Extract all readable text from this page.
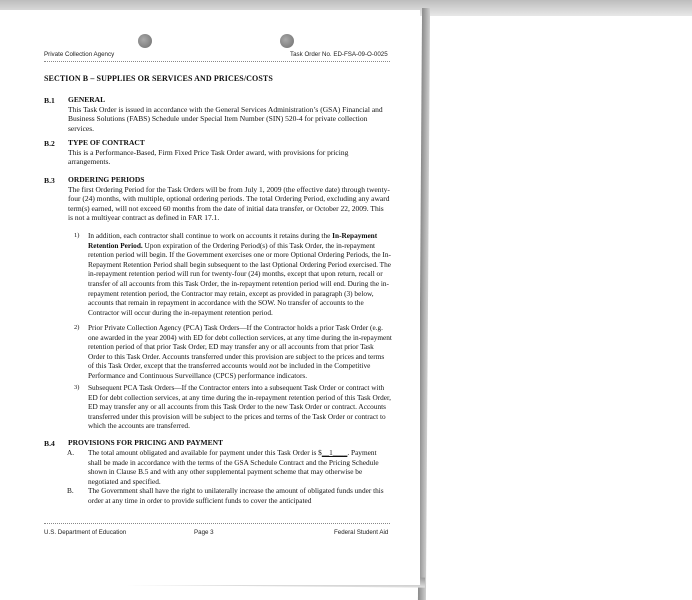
Private Collection Agency	Task Order No. ED-FSA-09-O-0025
SECTION B – SUPPLIES OR SERVICES AND PRICES/COSTS
B.1 GENERAL
This Task Order is issued in accordance with the General Services Administration’s (GSA) Financial and Business Solutions (FABS) Schedule under Special Item Number (SIN) 520-4 for private collection services.
B.2 TYPE OF CONTRACT
This is a Performance-Based, Firm Fixed Price Task Order award, with provisions for pricing arrangements.
B.3 ORDERING PERIODS
The first Ordering Period for the Task Orders will be from July 1, 2009 (the effective date) through twenty-four (24) months, with multiple, optional ordering periods. The total Ordering Period, excluding any award term(s) earned, will not exceed 60 months from the date of initial data transfer, or October 22, 2009. This is not a multiyear contract as defined in FAR 17.1.
1) In addition, each contractor shall continue to work on accounts it retains during the In-Repayment Retention Period. Upon expiration of the Ordering Period(s) of this Task Order, the in-repayment retention period will begin. If the Government exercises one or more Optional Ordering Periods, the In-Repayment Retention Period shall begin subsequent to the last Optional Ordering Period exercised. The in-repayment retention period will run for twenty-four (24) months, except that upon return, recall or transfer of all accounts from this Task Order, the in-repayment retention period will end. During the in-repayment retention period, the Contractor may retain, except as provided in paragraph (3) below, accounts that remain in repayment in accordance with the SOW. No transfer of accounts to the Contractor will occur during the in-repayment retention period.
2) Prior Private Collection Agency (PCA) Task Orders—If the Contractor holds a prior Task Order (e.g. one awarded in the year 2004) with ED for debt collection services, at any time during the in-repayment retention period of that prior Task Order, ED may transfer any or all accounts from that prior Task Order to this Task Order. Accounts transferred under this provision are subject to the prices and terms of this Task Order, except that the transferred accounts would not be included in the Competitive Performance and Continuous Surveillance (CPCS) performance indicators.
3) Subsequent PCA Task Orders—If the Contractor enters into a subsequent Task Order or contract with ED for debt collection services, at any time during the in-repayment retention period of this Task Order, ED may transfer any or all accounts from this Task Order to the new Task Order or contract. Accounts transferred under this provision will be subject to the prices and terms of the Task Order or contract to which the accounts are transferred.
B.4 PROVISIONS FOR PRICING AND PAYMENT
A. The total amount obligated and available for payment under this Task Order is $__1____. Payment shall be made in accordance with the terms of the GSA Schedule Contract and the Pricing Schedule shown in Clause B.5 and with any other supplemental payment scheme that may otherwise be negotiated and specified.
B. The Government shall have the right to unilaterally increase the amount of obligated funds under this order at any time in order to provide sufficient funds to cover the anticipated
U.S. Department of Education	Page 3	Federal Student Aid
